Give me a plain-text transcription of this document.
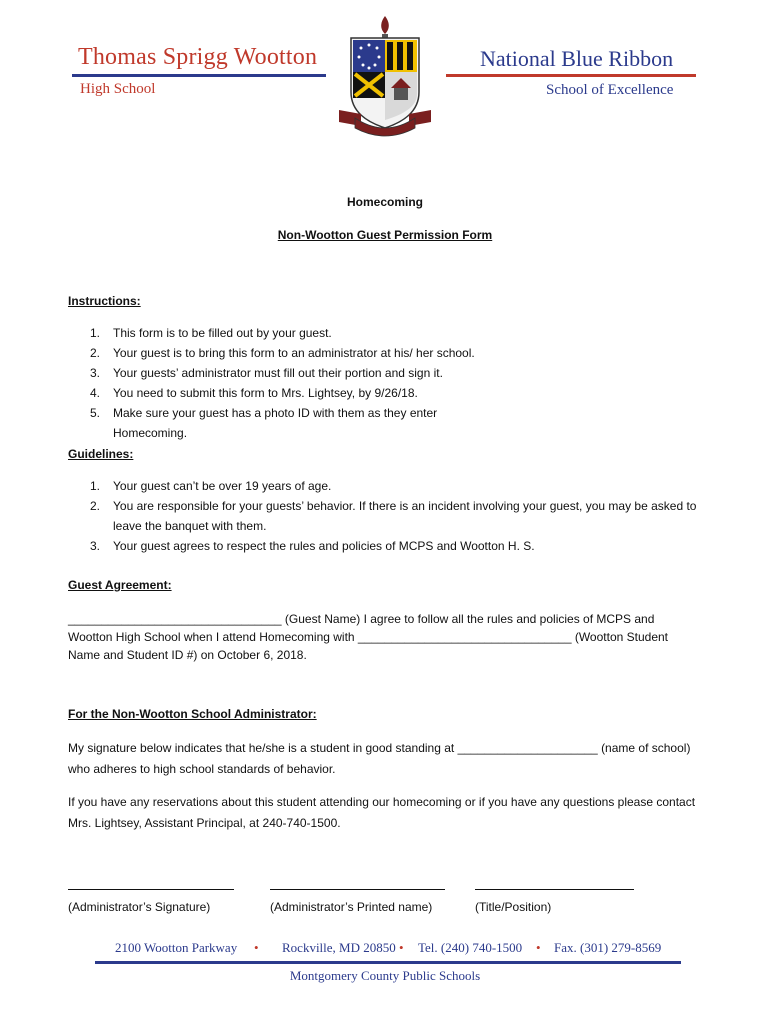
Thomas Sprigg Wootton
High School
National Blue Ribbon
School of Excellence
Homecoming
Non-Wootton Guest Permission Form
Instructions:
1. This form is to be filled out by your guest.
2. Your guest is to bring this form to an administrator at his/ her school.
3. Your guests’ administrator must fill out their portion and sign it.
4. You need to submit this form to Mrs. Lightsey, by 9/26/18.
5. Make sure your guest has a photo ID with them as they enter Homecoming.
Guidelines:
1. Your guest can’t be over 19 years of age.
2. You are responsible for your guests’ behavior. If there is an incident involving your guest, you may be asked to leave the banquet with them.
3. Your guest agrees to respect the rules and policies of MCPS and Wootton H. S.
Guest Agreement:
________________________________ (Guest Name) I agree to follow all the rules and policies of MCPS and Wootton High School when I attend Homecoming with ________________________________ (Wootton Student Name and Student ID #) on October 6, 2018.
For the Non-Wootton School Administrator:
My signature below indicates that he/she is a student in good standing at _____________________ (name of school) who adheres to high school standards of behavior.
If you have any reservations about this student attending our homecoming or if you have any questions please contact Mrs. Lightsey, Assistant Principal, at 240-740-1500.
(Administrator’s Signature)	(Administrator’s Printed name)	(Title/Position)
2100 Wootton Parkway • Rockville, MD 20850 • Tel. (240) 740-1500 • Fax. (301) 279-8569
Montgomery County Public Schools
